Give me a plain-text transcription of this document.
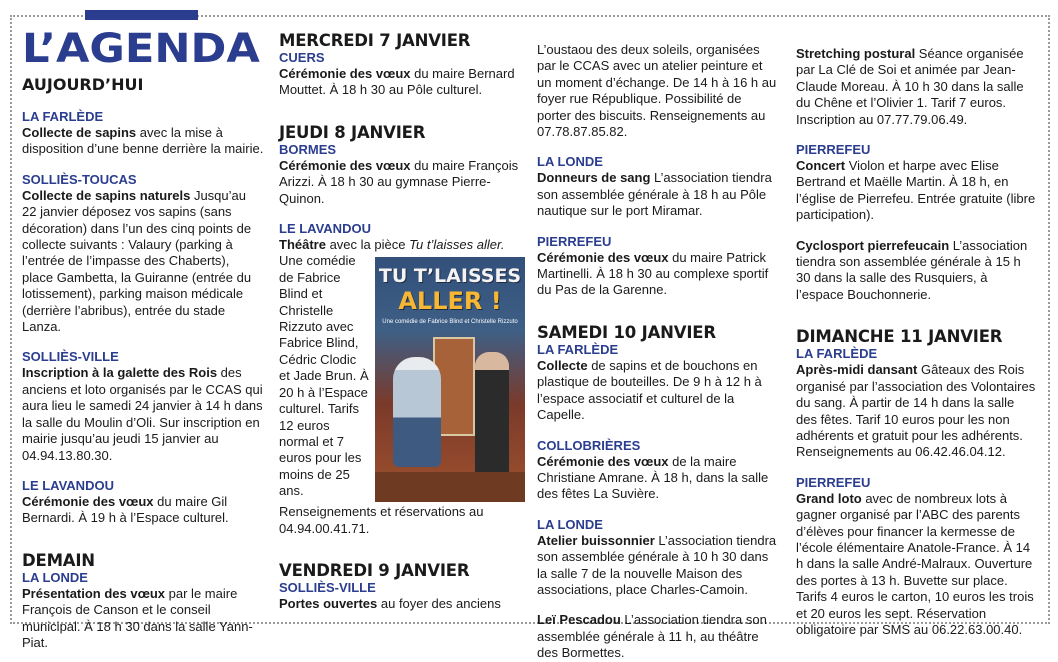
L’AGENDA
AUJOURD’HUI
LA FARLÈDE

Collecte de sapins avec la mise à disposition d’une benne derrière la mairie.

SOLLIÈS-TOUCAS

Collecte de sapins naturels Jusqu’au 22 janvier déposez vos sapins (sans décoration) dans l’un des cinq points de collecte suivants : Valaury (parking à l’entrée de l’impasse des Chaberts), place Gambetta, la Guiranne (entrée du lotissement), parking maison médicale (derrière l’abribus), entrée du stade Lanza.

SOLLIÈS-VILLE

Inscription à la galette des Rois des anciens et loto organisés par le CCAS qui aura lieu le samedi 24 janvier à 14 h dans la salle du Moulin d’Oli. Sur inscription en mairie jusqu’au jeudi 15 janvier au 04.94.13.80.30.

LE LAVANDOU

Cérémonie des vœux du maire Gil Bernardi. À 19 h à l’Espace culturel.

DEMAIN
LA LONDE

Présentation des vœux par le maire François de Canson et le conseil municipal. À 18 h 30 dans la salle Yann-Piat.

MERCREDI 7 JANVIER
CUERS

Cérémonie des vœux du maire Bernard Mouttet. À 18 h 30 au Pôle culturel.

JEUDI 8 JANVIER
BORMES

Cérémonie des vœux du maire François Arizzi. À 18 h 30 au gymnase Pierre-Quinon.

LE LAVANDOU

Théâtre avec la pièce Tu t’laisses aller.
TU T’LAISSES
ALLER !
Une comédie de Fabrice Blind et Christelle Rizzuto
Une comédie de Fabrice Blind et Christelle Rizzuto avec Fabrice Blind, Cédric Clodic et Jade Brun. À 20 h à l’Espace culturel. Tarifs 12 euros normal et 7 euros pour les moins de 25 ans. Renseignements et réservations au 04.94.00.41.71.

VENDREDI 9 JANVIER
SOLLIÈS-VILLE

Portes ouvertes au foyer des anciens

L’oustaou des deux soleils, organisées par le CCAS avec un atelier peinture et un moment d’échange. De 14 h à 16 h au foyer rue République. Possibilité de porter des biscuits. Renseignements au 07.78.87.85.82.

LA LONDE

Donneurs de sang L’association tiendra son assemblée générale à 18 h au Pôle nautique sur le port Miramar.

PIERREFEU

Cérémonie des vœux du maire Patrick Martinelli. À 18 h 30 au complexe sportif du Pas de la Garenne.

SAMEDI 10 JANVIER
LA FARLÈDE

Collecte de sapins et de bouchons en plastique de bouteilles. De 9 h à 12 h à l’espace associatif et culturel de la Capelle.

COLLOBRIÈRES

Cérémonie des vœux de la maire Christiane Amrane. À 18 h, dans la salle des fêtes La Suvière.

LA LONDE

Atelier buissonnier L’association tiendra son assemblée générale à 10 h 30 dans la salle 7 de la nouvelle Maison des associations, place Charles-Camoin.

Leï Pescadou L’association tiendra son assemblée générale à 11 h, au théâtre des Bormettes.

Stretching postural Séance organisée par La Clé de Soi et animée par Jean-Claude Moreau. À 10 h 30 dans la salle du Chêne et l’Olivier 1. Tarif 7 euros. Inscription au 07.77.79.06.49.

PIERREFEU

Concert Violon et harpe avec Elise Bertrand et Maëlle Martin. À 18 h, en l’église de Pierrefeu. Entrée gratuite (libre participation).

Cyclosport pierrefeucain L’association tiendra son assemblée générale à 15 h 30 dans la salle des Rusquiers, à l’espace Bouchonnerie.

DIMANCHE 11 JANVIER
LA FARLÈDE

Après-midi dansant Gâteaux des Rois organisé par l’association des Volontaires du sang. À partir de 14 h dans la salle des fêtes. Tarif 10 euros pour les non adhérents et gratuit pour les adhérents. Renseignements au 06.42.46.04.12.

PIERREFEU

Grand loto avec de nombreux lots à gagner organisé par l’ABC des parents d’élèves pour financer la kermesse de l’école élémentaire Anatole-France. À 14 h dans la salle André-Malraux. Ouverture des portes à 13 h. Buvette sur place. Tarifs 4 euros le carton, 10 euros les trois et 20 euros les sept. Réservation obligatoire par SMS au 06.22.63.00.40.
